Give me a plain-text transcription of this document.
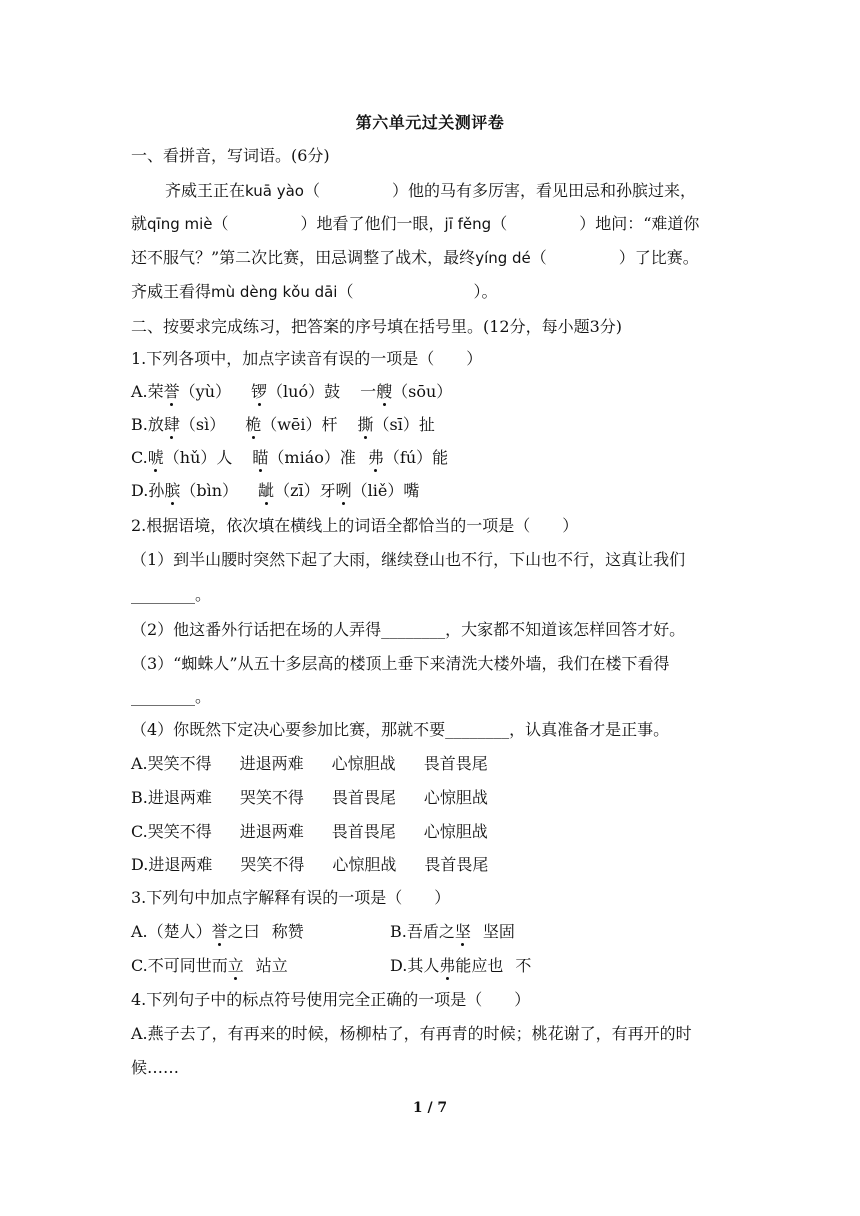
第六单元过关测评卷
一、看拼音，写词语。(6分)
齐威王正在kuā yào（	）他的马有多厉害，看见田忌和孙膑过来，
就qīng miè（	）地看了他们一眼，jī fěng（	）地问：“难道你
还不服气？”第二次比赛，田忌调整了战术，最终yíng dé（	）了比赛。
齐威王看得mù dèng kǒu dāi（	）。
二、按要求完成练习，把答案的序号填在括号里。(12分，每小题3分)
1.下列各项中，加点字读音有误的一项是（　　）
A.荣誉（yù） 锣（luó）鼓 一艘（sōu）
B.放肆（sì） 桅（wēi）杆 撕（sī）扯
C.唬（hǔ）人 瞄（miáo）准 弗（fú）能
D.孙膑（bìn） 龇（zī）牙咧（liě）嘴
2.根据语境，依次填在横线上的词语全都恰当的一项是（　　）
（1）到半山腰时突然下起了大雨，继续登山也不行，下山也不行，这真让我们
________。
（2）他这番外行话把在场的人弄得________，大家都不知道该怎样回答才好。
（3）“蜘蛛人”从五十多层高的楼顶上垂下来清洗大楼外墙，我们在楼下看得
________。
（4）你既然下定决心要参加比赛，那就不要________，认真准备才是正事。
A.哭笑不得 进退两难 心惊胆战 畏首畏尾
B.进退两难 哭笑不得 畏首畏尾 心惊胆战
C.哭笑不得 进退两难 畏首畏尾 心惊胆战
D.进退两难 哭笑不得 心惊胆战 畏首畏尾
3.下列句中加点字解释有误的一项是（　　）
A.（楚人）誉之曰 称赞	B.吾盾之坚 坚固
C.不可同世而立 站立	D.其人弗能应也 不
4.下列句子中的标点符号使用完全正确的一项是（　　）
A.燕子去了，有再来的时候，杨柳枯了，有再青的时候；桃花谢了，有再开的时
候……
1 / 7
